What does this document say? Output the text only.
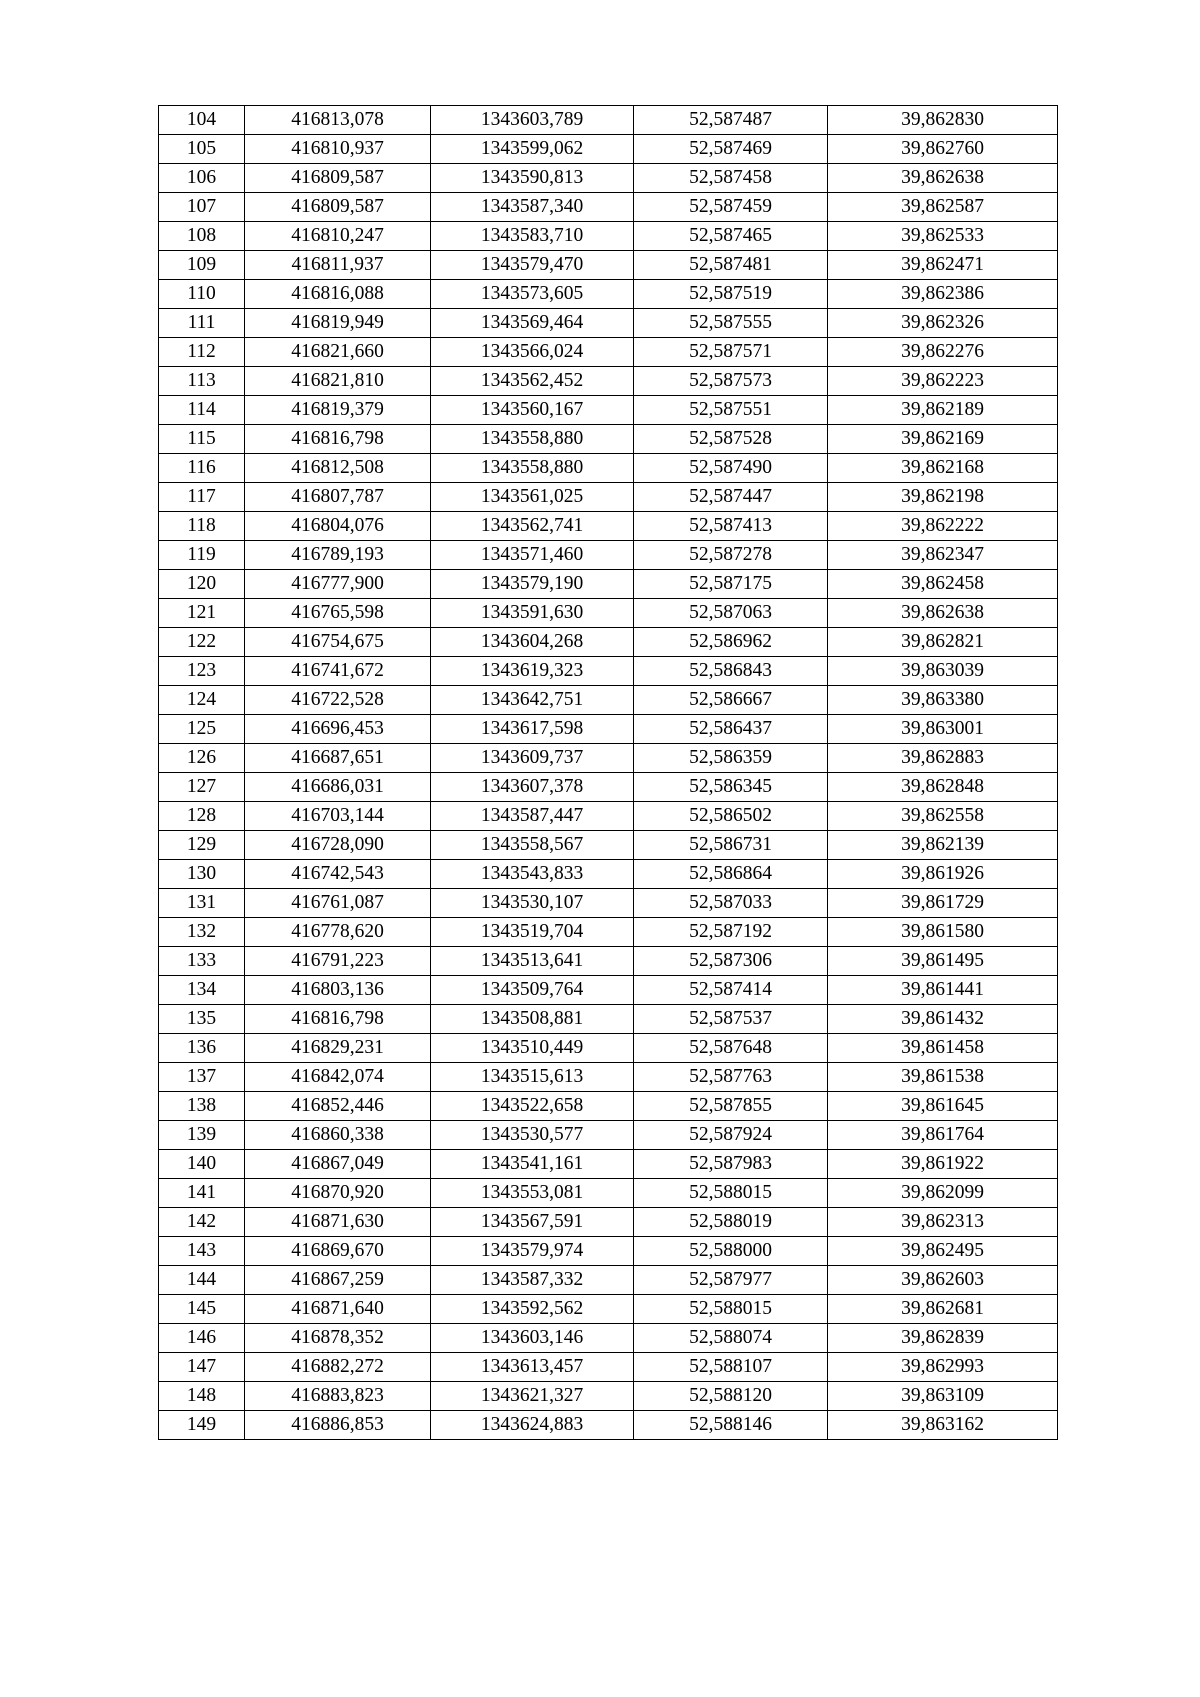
104	416813,078	1343603,789	52,587487	39,862830
105	416810,937	1343599,062	52,587469	39,862760
106	416809,587	1343590,813	52,587458	39,862638
107	416809,587	1343587,340	52,587459	39,862587
108	416810,247	1343583,710	52,587465	39,862533
109	416811,937	1343579,470	52,587481	39,862471
110	416816,088	1343573,605	52,587519	39,862386
111	416819,949	1343569,464	52,587555	39,862326
112	416821,660	1343566,024	52,587571	39,862276
113	416821,810	1343562,452	52,587573	39,862223
114	416819,379	1343560,167	52,587551	39,862189
115	416816,798	1343558,880	52,587528	39,862169
116	416812,508	1343558,880	52,587490	39,862168
117	416807,787	1343561,025	52,587447	39,862198
118	416804,076	1343562,741	52,587413	39,862222
119	416789,193	1343571,460	52,587278	39,862347
120	416777,900	1343579,190	52,587175	39,862458
121	416765,598	1343591,630	52,587063	39,862638
122	416754,675	1343604,268	52,586962	39,862821
123	416741,672	1343619,323	52,586843	39,863039
124	416722,528	1343642,751	52,586667	39,863380
125	416696,453	1343617,598	52,586437	39,863001
126	416687,651	1343609,737	52,586359	39,862883
127	416686,031	1343607,378	52,586345	39,862848
128	416703,144	1343587,447	52,586502	39,862558
129	416728,090	1343558,567	52,586731	39,862139
130	416742,543	1343543,833	52,586864	39,861926
131	416761,087	1343530,107	52,587033	39,861729
132	416778,620	1343519,704	52,587192	39,861580
133	416791,223	1343513,641	52,587306	39,861495
134	416803,136	1343509,764	52,587414	39,861441
135	416816,798	1343508,881	52,587537	39,861432
136	416829,231	1343510,449	52,587648	39,861458
137	416842,074	1343515,613	52,587763	39,861538
138	416852,446	1343522,658	52,587855	39,861645
139	416860,338	1343530,577	52,587924	39,861764
140	416867,049	1343541,161	52,587983	39,861922
141	416870,920	1343553,081	52,588015	39,862099
142	416871,630	1343567,591	52,588019	39,862313
143	416869,670	1343579,974	52,588000	39,862495
144	416867,259	1343587,332	52,587977	39,862603
145	416871,640	1343592,562	52,588015	39,862681
146	416878,352	1343603,146	52,588074	39,862839
147	416882,272	1343613,457	52,588107	39,862993
148	416883,823	1343621,327	52,588120	39,863109
149	416886,853	1343624,883	52,588146	39,863162
